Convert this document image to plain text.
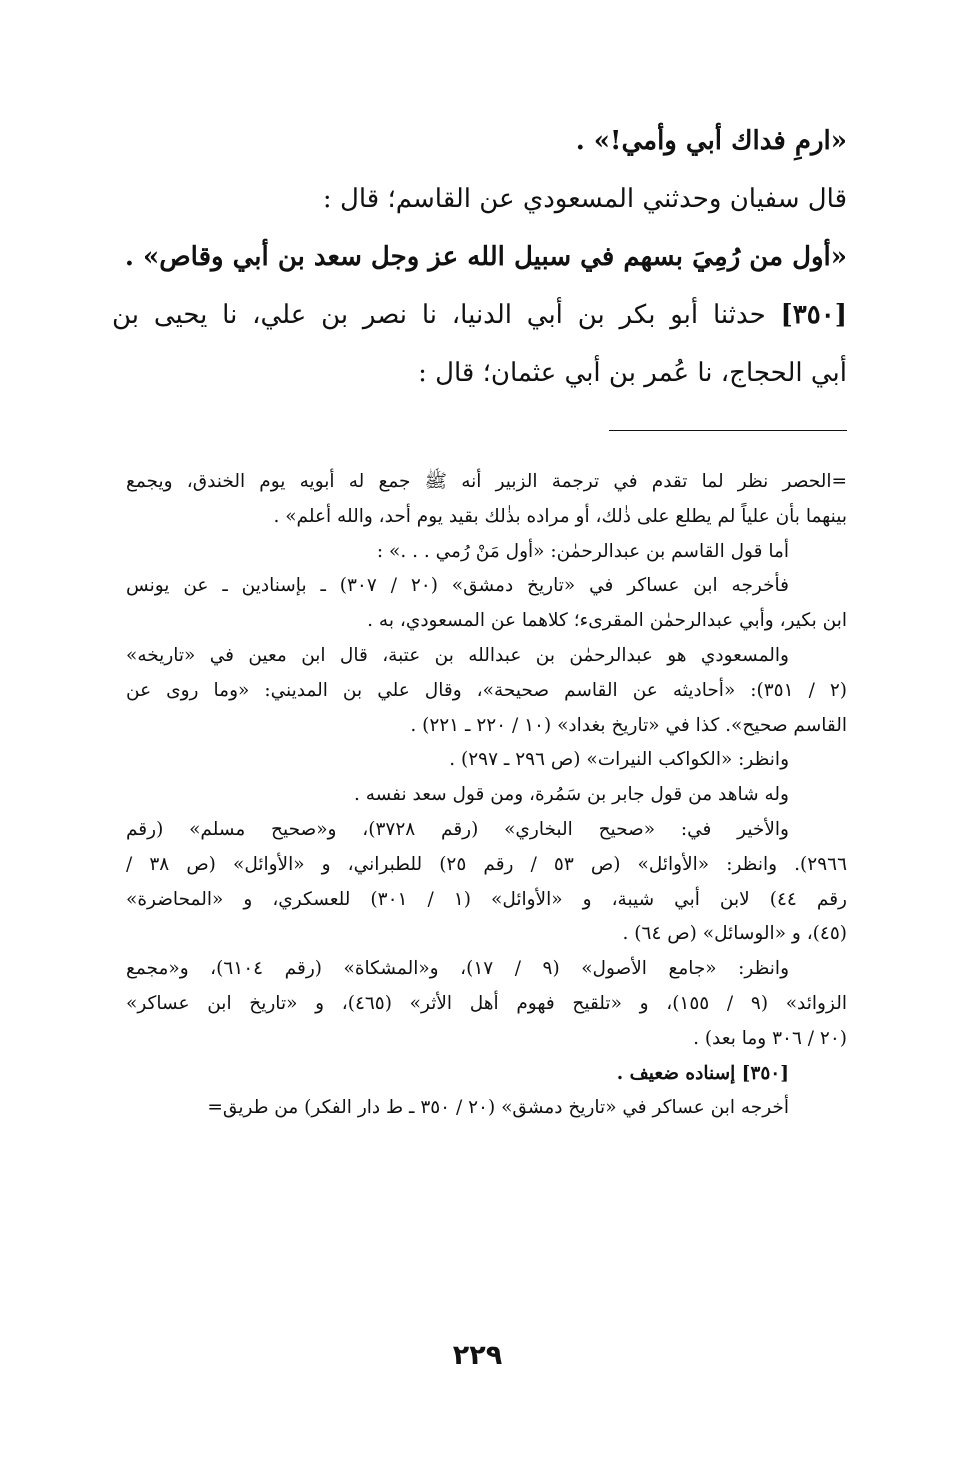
«ارمِ فداك أبي وأمي!» .

قال سفيان وحدثني المسعودي عن القاسم؛ قال :

«أول من رُمِيَ بسهم في سبيل الله عز وجل سعد بن أبي وقاص» .

[٣٥٠] حدثنا أبو بكر بن أبي الدنيا، نا نصر بن علي، نا يحيى بن

أبي الحجاج، نا عُمر بن أبي عثمان؛ قال :

=الحصر نظر لما تقدم في ترجمة الزبير أنه ﷺ جمع له أبويه يوم الخندق، ويجمع

بينهما بأن علياً لم يطلع على ذٰلك، أو مراده بذٰلك بقيد يوم أحد، والله أعلم» .

أما قول القاسم بن عبدالرحمٰن: «أول مَنْ رُمي . . .» :

فأخرجه ابن عساكر في «تاريخ دمشق» (٢٠ / ٣٠٧) ـ بإسنادين ـ عن يونس

ابن بكير، وأبي عبدالرحمٰن المقرىء؛ كلاهما عن المسعودي، به .

والمسعودي هو عبدالرحمٰن بن عبدالله بن عتبة، قال ابن معين في «تاريخه»

(٢ / ٣٥١): «أحاديثه عن القاسم صحيحة»، وقال علي بن المديني: «وما روى عن

القاسم صحيح». كذا في «تاريخ بغداد» (١٠ / ٢٢٠ ـ ٢٢١) .

وانظر: «الكواكب النيرات» (ص ٢٩٦ ـ ٢٩٧) .

وله شاهد من قول جابر بن سَمُرة، ومن قول سعد نفسه .

والأخير في: «صحيح البخاري» (رقم ٣٧٢٨)، و«صحيح مسلم» (رقم

٢٩٦٦). وانظر: «الأوائل» (ص ٥٣ / رقم ٢٥) للطبراني، و «الأوائل» (ص ٣٨ /

رقم ٤٤) لابن أبي شيبة، و «الأوائل» (١ / ٣٠١) للعسكري، و «المحاضرة»

(٤٥)، و «الوسائل» (ص ٦٤) .

وانظر: «جامع الأصول» (٩ / ١٧)، و«المشكاة» (رقم ٦١٠٤)، و«مجمع

الزوائد» (٩ / ١٥٥)، و «تلقيح فهوم أهل الأثر» (٤٦٥)، و «تاريخ ابن عساكر»

(٢٠ / ٣٠٦ وما بعد) .

[٣٥٠] إسناده ضعيف .

أخرجه ابن عساكر في «تاريخ دمشق» (٢٠ / ٣٥٠ ـ ط دار الفكر) من طريق=

٢٢٩
